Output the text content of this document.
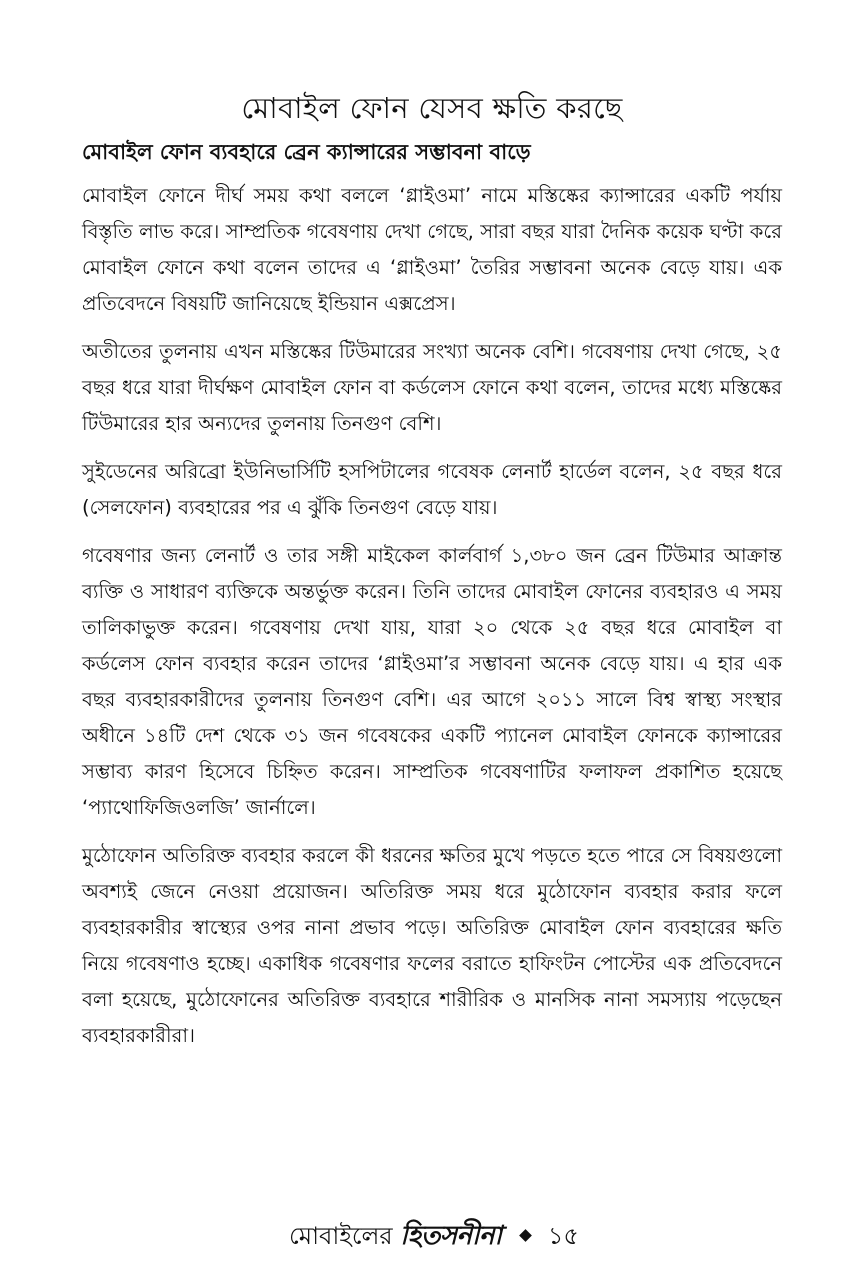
মোবাইল ফোন যেসব ক্ষতি করছে
মোবাইল ফোন ব্যবহারে ব্রেন ক্যান্সারের সম্ভাবনা বাড়ে

মোবাইল ফোনে দীর্ঘ সময় কথা বললে ‘গ্লাইওমা’ নামে মস্তিষ্কের ক্যান্সারের একটি পর্যায় বিস্তৃতি লাভ করে। সাম্প্রতিক গবেষণায় দেখা গেছে, সারা বছর যারা দৈনিক কয়েক ঘণ্টা করে মোবাইল ফোনে কথা বলেন তাদের এ ‘গ্লাইওমা’ তৈরির সম্ভাবনা অনেক বেড়ে যায়। এক প্রতিবেদনে বিষয়টি জানিয়েছে ইন্ডিয়ান এক্সপ্রেস।

অতীতের তুলনায় এখন মস্তিষ্কের টিউমারের সংখ্যা অনেক বেশি। গবেষণায় দেখা গেছে, ২৫ বছর ধরে যারা দীর্ঘক্ষণ মোবাইল ফোন বা কর্ডলেস ফোনে কথা বলেন, তাদের মধ্যে মস্তিষ্কের টিউমারের হার অন্যদের তুলনায় তিনগুণ বেশি।

সুইডেনের অরিব্রো ইউনিভার্সিটি হসপিটালের গবেষক লেনার্ট হার্ডেল বলেন, ২৫ বছর ধরে (সেলফোন) ব্যবহারের পর এ ঝুঁকি তিনগুণ বেড়ে যায়।

গবেষণার জন্য লেনার্ট ও তার সঙ্গী মাইকেল কার্লবার্গ ১,৩৮০ জন ব্রেন টিউমার আক্রান্ত ব্যক্তি ও সাধারণ ব্যক্তিকে অন্তর্ভুক্ত করেন। তিনি তাদের মোবাইল ফোনের ব্যবহারও এ সময় তালিকাভুক্ত করেন। গবেষণায় দেখা যায়, যারা ২০ থেকে ২৫ বছর ধরে মোবাইল বা কর্ডলেস ফোন ব্যবহার করেন তাদের ‘গ্লাইওমা’র সম্ভাবনা অনেক বেড়ে যায়। এ হার এক বছর ব্যবহারকারীদের তুলনায় তিনগুণ বেশি। এর আগে ২০১১ সালে বিশ্ব স্বাস্থ্য সংস্থার অধীনে ১৪টি দেশ থেকে ৩১ জন গবেষকের একটি প্যানেল মোবাইল ফোনকে ক্যান্সারের সম্ভাব্য কারণ হিসেবে চিহ্নিত করেন। সাম্প্রতিক গবেষণাটির ফলাফল প্রকাশিত হয়েছে ‘প্যাথোফিজিওলজি’ জার্নালে।

মুঠোফোন অতিরিক্ত ব্যবহার করলে কী ধরনের ক্ষতির মুখে পড়তে হতে পারে সে বিষয়গুলো অবশ্যই জেনে নেওয়া প্রয়োজন। অতিরিক্ত সময় ধরে মুঠোফোন ব্যবহার করার ফলে ব্যবহারকারীর স্বাস্থ্যের ওপর নানা প্রভাব পড়ে। অতিরিক্ত মোবাইল ফোন ব্যবহারের ক্ষতি নিয়ে গবেষণাও হচ্ছে। একাধিক গবেষণার ফলের বরাতে হাফিংটন পোস্টের এক প্রতিবেদনে বলা হয়েছে, মুঠোফোনের অতিরিক্ত ব্যবহারে শারীরিক ও মানসিক নানা সমস্যায় পড়েছেন ব্যবহারকারীরা।

মোবাইলের হিতসনীনা ১৫
